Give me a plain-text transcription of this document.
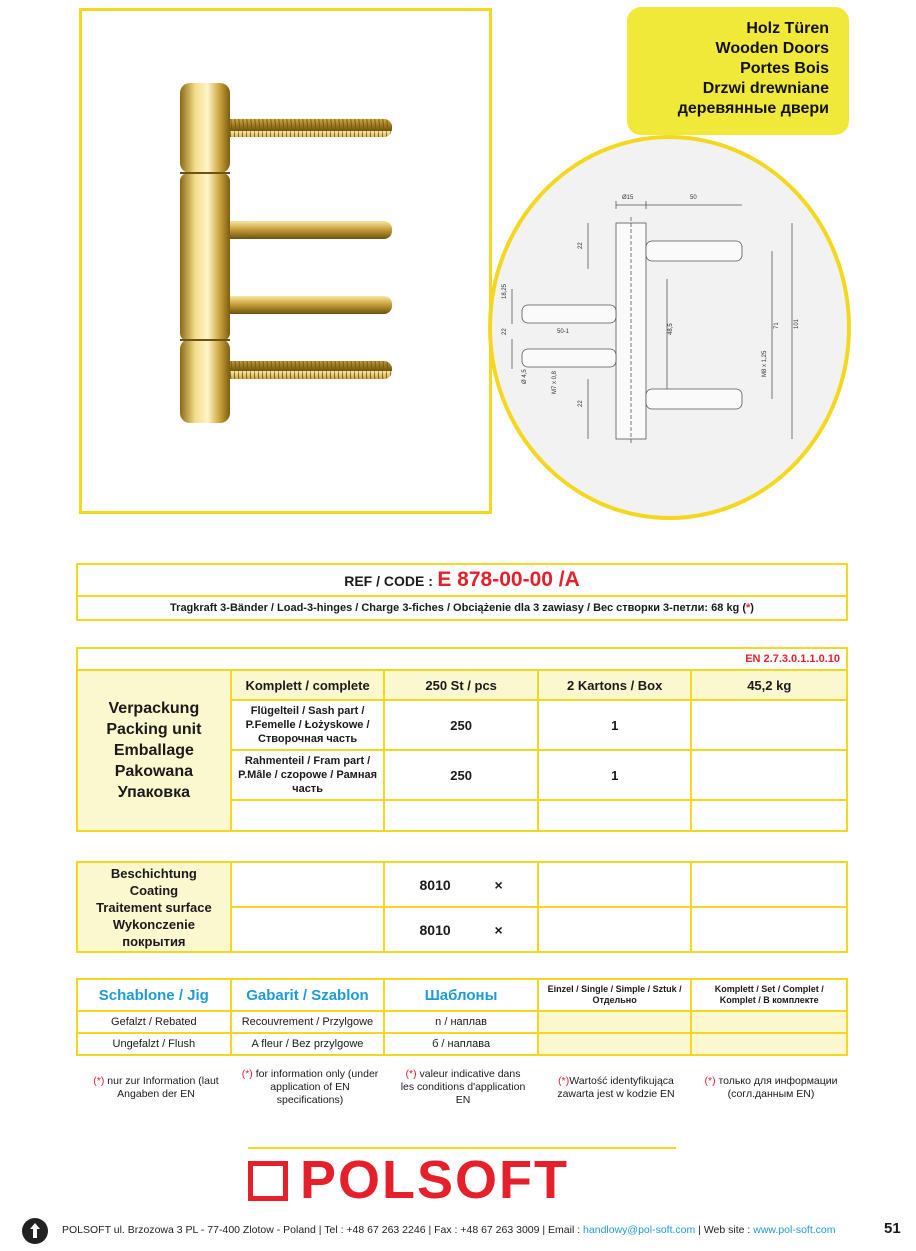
Holz Türen
Wooden Doors
Portes Bois
Drzwi drewniane
деревянные двери
Ø15	50
22
18,25
22	50-1	48,5	71 101
M8 x 1,25
Ø 4,5	M7 x 0,8
22
REF / CODE : E 878-00-00 /A
Tragkraft 3-Bänder / Load-3-hinges / Charge 3-fiches / Obciążenie dla 3 zawiasy / Вес створки 3-петли: 68 kg (*)
EN 2.7.3.0.1.1.0.10				

Verpackung
Packing unit
Emballage
Pakowana
Упаковка	Komplett / complete	250 St / pcs	2 Kartons / Box	45,2 kg
	Flügelteil / Sash part / P.Femelle / Łożyskowe / Створочная часть	250	1	
	Rahmenteil / Fram part / P.Mâle / czopowe / Рамная часть	250	1	

Beschichtung
Coating
Traitement surface
Wykonczenie
покрытия		8010 ×		
		8010 ×		
Schablone / Jig	Gabarit / Szablon	Шаблоны	Einzel / Single / Simple / Sztuk / Отдельно	Komplett / Set / Complet / Komplet / В комплекте
Gefalzt / Rebated	Recouvrement / Przylgowe	n / наплав		
Ungefalzt / Flush	A fleur / Bez przylgowe	б / наплава		
(*) nur zur Information (laut Angaben der EN
(*) for information only (under application of EN specifications)
(*) valeur indicative dans les conditions d'application EN
(*)Wartość identyfikująca zawarta jest w kodzie EN
(*) только для информации (согл.данным EN)
POLSOFT
POLSOFT ul. Brzozowa 3 PL - 77-400 Zlotow - Poland | Tel : +48 67 263 2246 | Fax : +48 67 263 3009 | Email : handlowy@pol-soft.com | Web site : www.pol-soft.com	51
